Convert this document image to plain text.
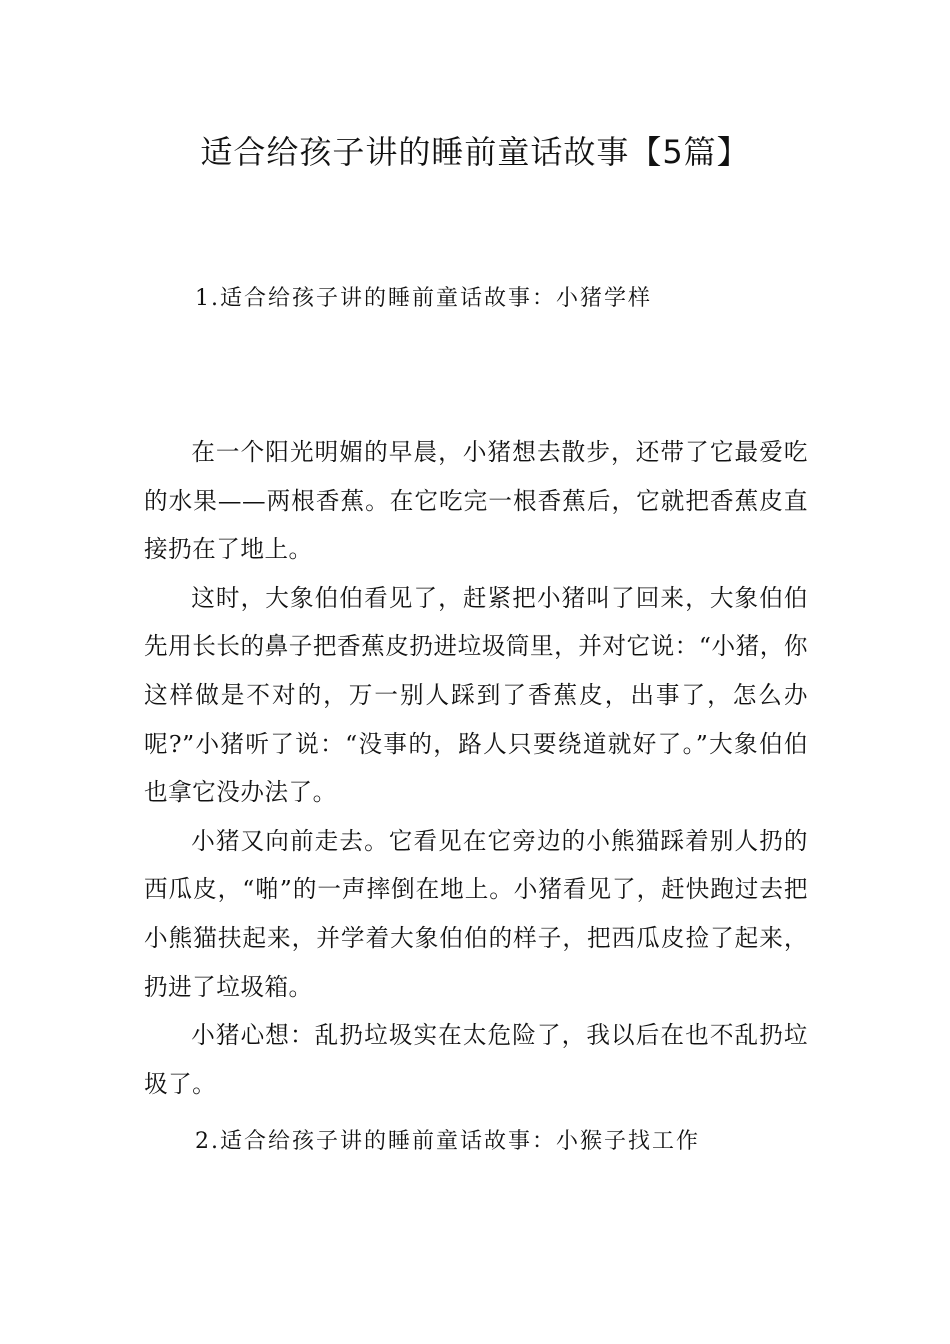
适合给孩子讲的睡前童话故事【5篇】
1.适合给孩子讲的睡前童话故事：小猪学样

在一个阳光明媚的早晨，小猪想去散步，还带了它最爱吃的水果——两根香蕉。在它吃完一根香蕉后，它就把香蕉皮直接扔在了地上。

这时，大象伯伯看见了，赶紧把小猪叫了回来，大象伯伯先用长长的鼻子把香蕉皮扔进垃圾筒里，并对它说：“小猪，你这样做是不对的，万一别人踩到了香蕉皮，出事了，怎么办呢?”小猪听了说：“没事的，路人只要绕道就好了。”大象伯伯也拿它没办法了。

小猪又向前走去。它看见在它旁边的小熊猫踩着别人扔的西瓜皮，“啪”的一声摔倒在地上。小猪看见了，赶快跑过去把小熊猫扶起来，并学着大象伯伯的样子，把西瓜皮捡了起来，扔进了垃圾箱。

小猪心想：乱扔垃圾实在太危险了，我以后在也不乱扔垃圾了。

2.适合给孩子讲的睡前童话故事：小猴子找工作
